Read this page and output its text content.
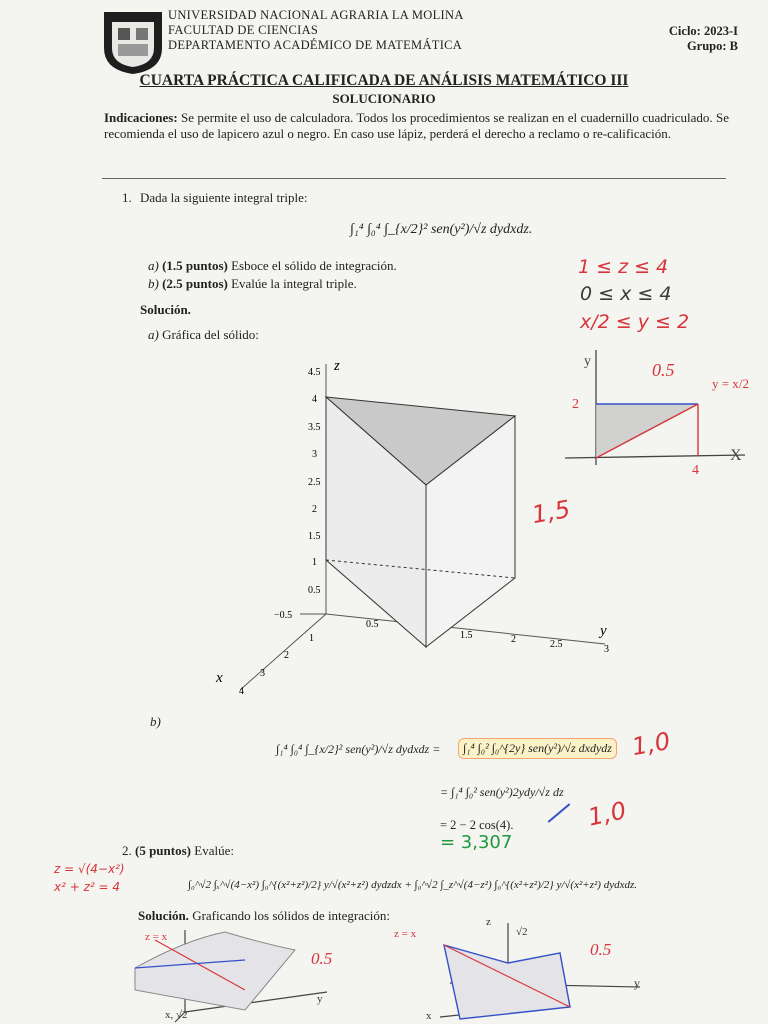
UNIVERSIDAD NACIONAL AGRARIA LA MOLINA
FACULTAD DE CIENCIAS
DEPARTAMENTO ACADÉMICO DE MATEMÁTICA
Ciclo: 2023-I
Grupo: B
CUARTA PRÁCTICA CALIFICADA DE ANÁLISIS MATEMÁTICO III
SOLUCIONARIO
Indicaciones: Se permite el uso de calculadora. Todos los procedimientos se realizan en el cuadernillo cuadriculado. Se recomienda el uso de lapicero azul o negro. En caso use lápiz, perderá el derecho a reclamo o re-calificación.
1. Dada la siguiente integral triple:
∫₁⁴ ∫₀⁴ ∫_{x/2}² sen(y²)/√z dydxdz.
a) (1.5 puntos) Esboce el sólido de integración.
b) (2.5 puntos) Evalúe la integral triple.
Solución.
a) Gráfica del sólido:
4.5
4
3.5
3
2.5
2
1.5
1
0.5
z
0.5
1.5	2	2.5	3
y
−0.5
1
2
3
4
x
1 ≤ z ≤ 4
0 ≤ x ≤ 4
x/2 ≤ y ≤ 2
y
X
2
4
y = x/2
0.5
1,5
b)
∫₁⁴ ∫₀⁴ ∫_{x/2}² sen(y²)/√z dydxdz =	∫₁⁴ ∫₀² ∫₀^{2y} sen(y²)/√z dxdydz
= ∫₁⁴ ∫₀² sen(y²)2ydy/√z dz
= 2 − 2 cos(4).
= 3,307
1,0
1,0
2. (5 puntos) Evalúe:
z = √(4−x²)
x² + z² = 4	∫₀^√2 ∫ₓ^√(4−x²) ∫₀^{(x²+z²)/2} y/√(x²+z²) dydzdx + ∫₀^√2 ∫_z^√(4−z²) ∫₀^{(x²+z²)/2} y/√(x²+z²) dydxdz.
Solución. Graficando los sólidos de integración:
z = x
x, √2
y
0.5
z = x	√2
z
y
x
0.5
